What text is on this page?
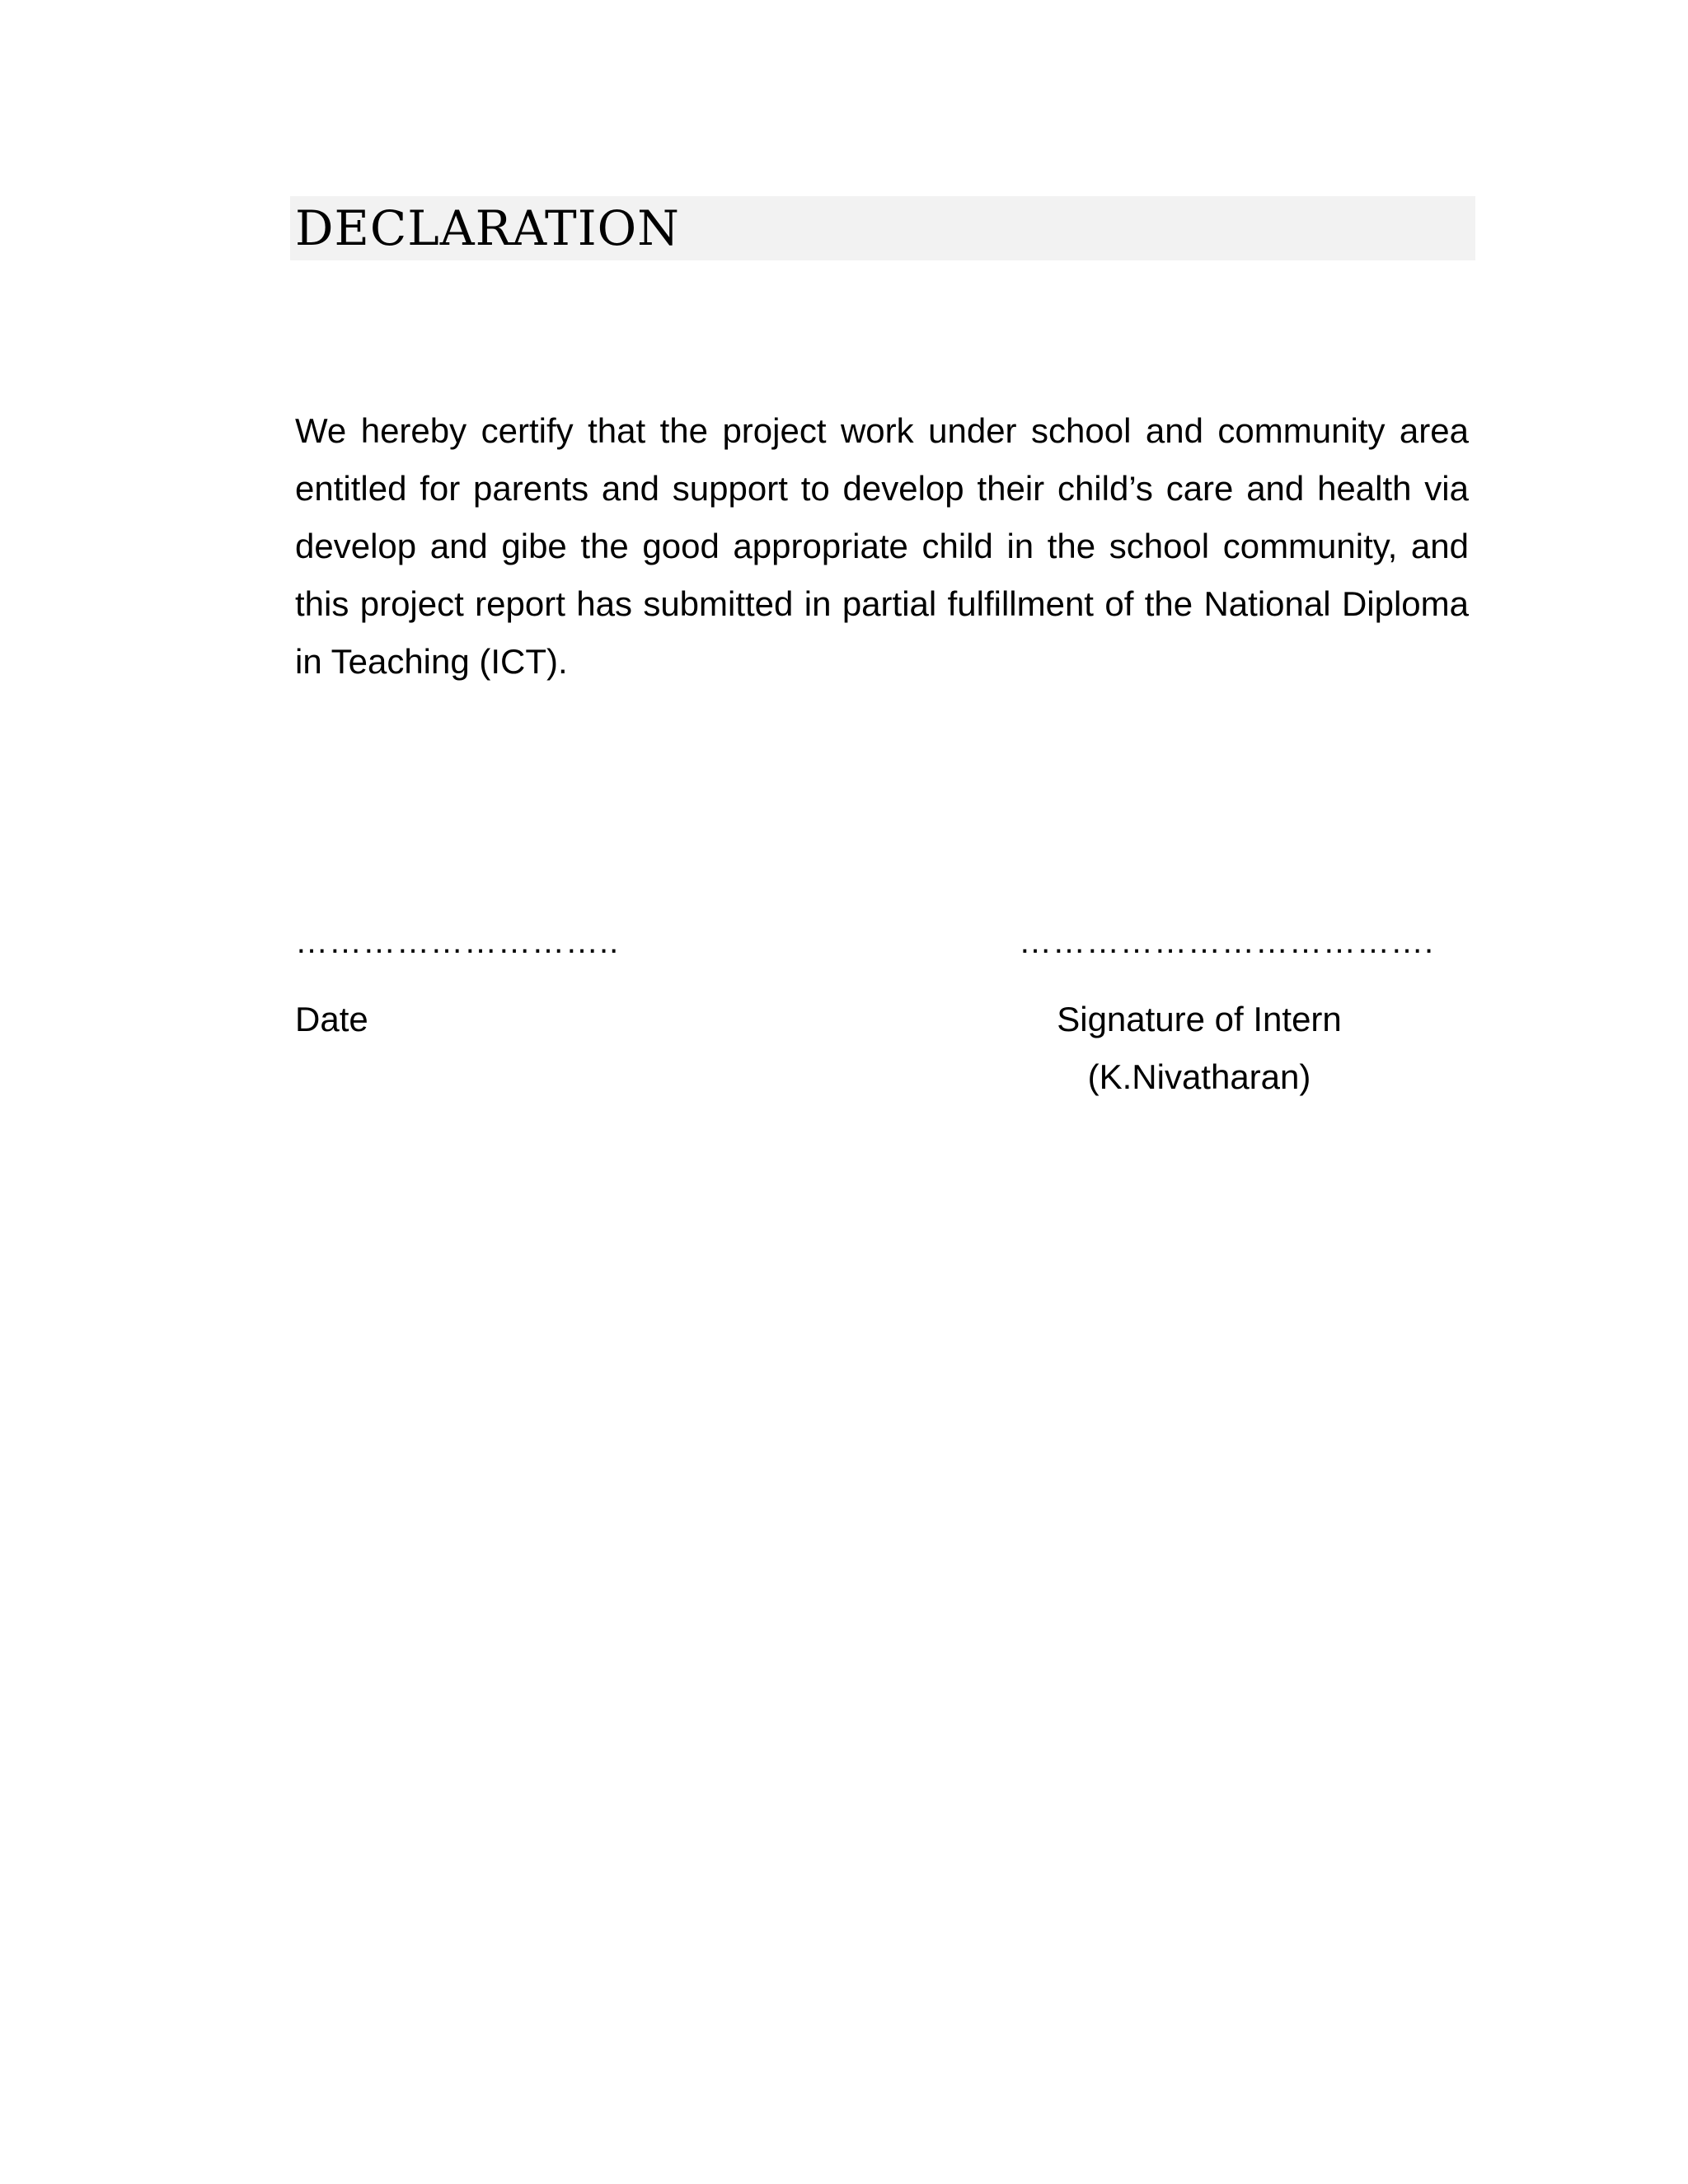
DECLARATION
We hereby certify that the project work under school and community area entitled for parents and support to develop their child’s care and health via develop and gibe the good appropriate child in the school community, and this project report has submitted in partial fulfillment of the National Diploma in Teaching (ICT).
………………………..	……………………………….
Date	Signature of Intern
(K.Nivatharan)
